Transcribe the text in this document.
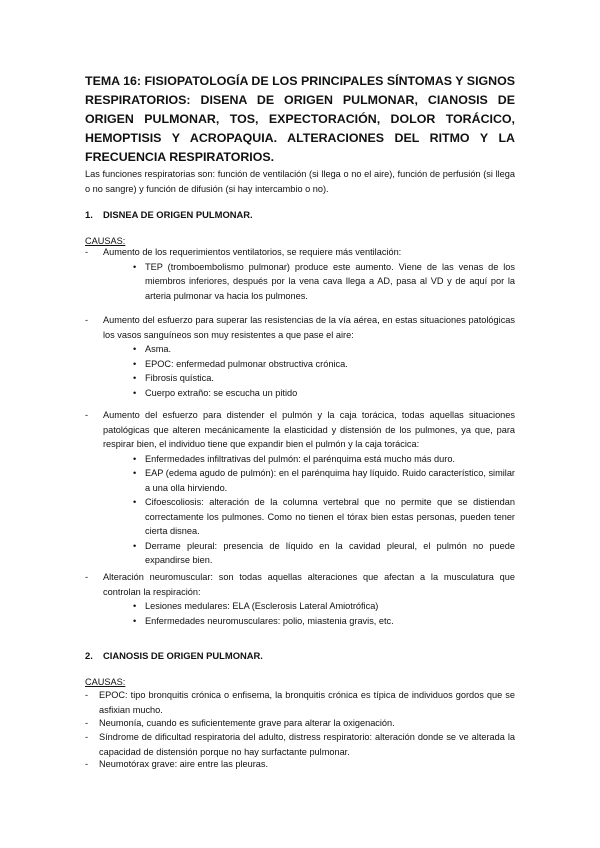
TEMA 16: FISIOPATOLOGÍA DE LOS PRINCIPALES SÍNTOMAS Y SIGNOS RESPIRATORIOS: DISENA DE ORIGEN PULMONAR, CIANOSIS DE ORIGEN PULMONAR, TOS, EXPECTORACIÓN, DOLOR TORÁCICO, HEMOPTISIS Y ACROPAQUIA. ALTERACIONES DEL RITMO Y LA FRECUENCIA RESPIRATORIOS.
Las funciones respiratorias son: función de ventilación (si llega o no el aire), función de perfusión (si llega o no sangre) y función de difusión (si hay intercambio o no).
1. DISNEA DE ORIGEN PULMONAR.
CAUSAS:
- Aumento de los requerimientos ventilatorios, se requiere más ventilación:
• TEP (tromboembolismo pulmonar) produce este aumento. Viene de las venas de los miembros inferiores, después por la vena cava llega a AD, pasa al VD y de aquí por la arteria pulmonar va hacia los pulmones.
- Aumento del esfuerzo para superar las resistencias de la vía aérea, en estas situaciones patológicas los vasos sanguíneos son muy resistentes a que pase el aire:
• Asma.
• EPOC: enfermedad pulmonar obstructiva crónica.
• Fibrosis quística.
• Cuerpo extraño: se escucha un pitido
- Aumento del esfuerzo para distender el pulmón y la caja torácica, todas aquellas situaciones patológicas que alteren mecánicamente la elasticidad y distensión de los pulmones, ya que, para respirar bien, el individuo tiene que expandir bien el pulmón y la caja torácica:
• Enfermedades infiltrativas del pulmón: el parénquima está mucho más duro.
• EAP (edema agudo de pulmón): en el parénquima hay líquido. Ruido característico, similar a una olla hirviendo.
• Cifoescoliosis: alteración de la columna vertebral que no permite que se distiendan correctamente los pulmones. Como no tienen el tórax bien estas personas, pueden tener cierta disnea.
• Derrame pleural: presencia de líquido en la cavidad pleural, el pulmón no puede expandirse bien.
- Alteración neuromuscular: son todas aquellas alteraciones que afectan a la musculatura que controlan la respiración:
• Lesiones medulares: ELA (Esclerosis Lateral Amiotrófica)
• Enfermedades neuromusculares: polio, miastenia gravis, etc.
2. CIANOSIS DE ORIGEN PULMONAR.
CAUSAS:
- EPOC: tipo bronquitis crónica o enfisema, la bronquitis crónica es típica de individuos gordos que se asfixian mucho.
- Neumonía, cuando es suficientemente grave para alterar la oxigenación.
- Síndrome de dificultad respiratoria del adulto, distress respiratorio: alteración donde se ve alterada la capacidad de distensión porque no hay surfactante pulmonar.
- Neumotórax grave: aire entre las pleuras.
